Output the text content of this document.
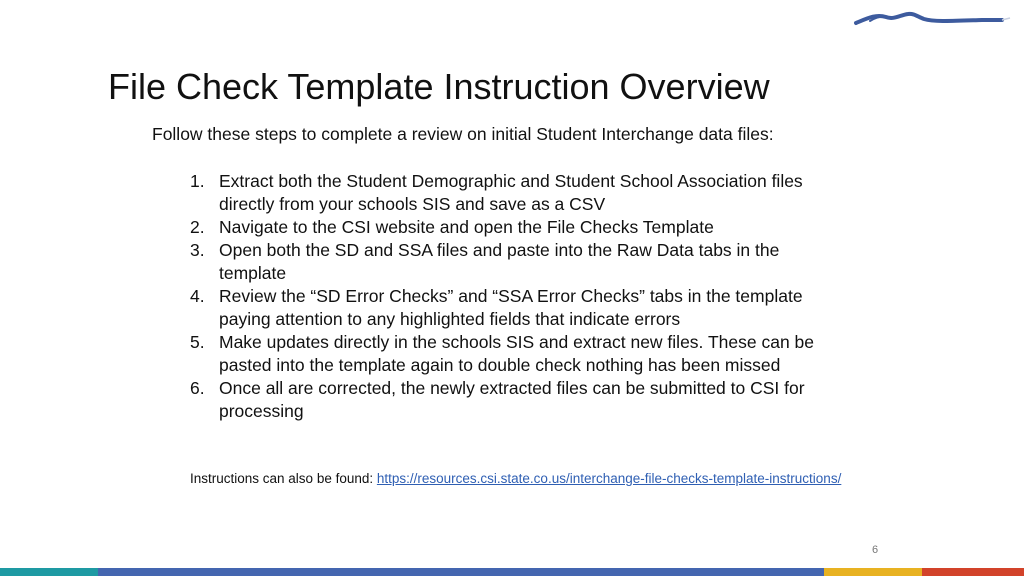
File Check Template Instruction Overview
Follow these steps to complete a review on initial Student Interchange data files:
1. Extract both the Student Demographic and Student School Association files
directly from your schools SIS and save as a CSV
2. Navigate to the CSI website and open the File Checks Template
3. Open both the SD and SSA files and paste into the Raw Data tabs in the
template
4. Review the “SD Error Checks” and “SSA Error Checks” tabs in the template
paying attention to any highlighted fields that indicate errors
5. Make updates directly in the schools SIS and extract new files. These can be
pasted into the template again to double check nothing has been missed
6. Once all are corrected, the newly extracted files can be submitted to CSI for
processing
Instructions can also be found: https://resources.csi.state.co.us/interchange-file-checks-template-instructions/
6
